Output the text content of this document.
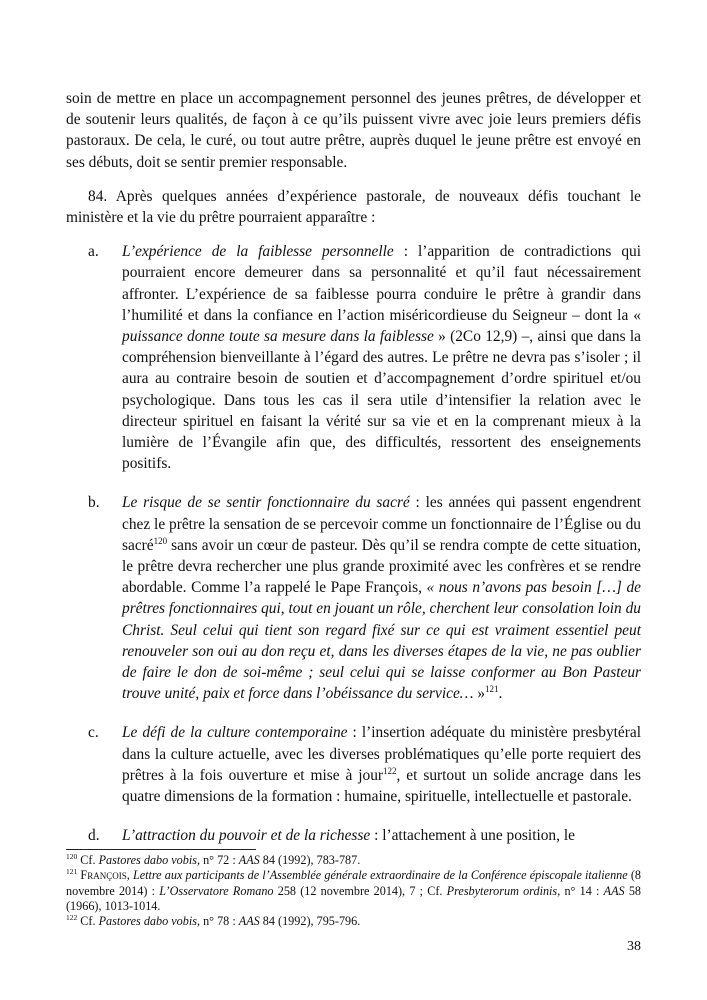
soin de mettre en place un accompagnement personnel des jeunes prêtres, de développer et de soutenir leurs qualités, de façon à ce qu’ils puissent vivre avec joie leurs premiers défis pastoraux. De cela, le curé, ou tout autre prêtre, auprès duquel le jeune prêtre est envoyé en ses débuts, doit se sentir premier responsable.

84. Après quelques années d’expérience pastorale, de nouveaux défis touchant le ministère et la vie du prêtre pourraient apparaître :

a. L’expérience de la faiblesse personnelle : l’apparition de contradictions qui pourraient encore demeurer dans sa personnalité et qu’il faut nécessairement affronter. L’expérience de sa faiblesse pourra conduire le prêtre à grandir dans l’humilité et dans la confiance en l’action miséricordieuse du Seigneur – dont la « puissance donne toute sa mesure dans la faiblesse » (2Co 12,9) –, ainsi que dans la compréhension bienveillante à l’égard des autres. Le prêtre ne devra pas s’isoler ; il aura au contraire besoin de soutien et d’accompagnement d’ordre spirituel et/ou psychologique. Dans tous les cas il sera utile d’intensifier la relation avec le directeur spirituel en faisant la vérité sur sa vie et en la comprenant mieux à la lumière de l’Évangile afin que, des difficultés, ressortent des enseignements positifs.
b. Le risque de se sentir fonctionnaire du sacré : les années qui passent engendrent chez le prêtre la sensation de se percevoir comme un fonctionnaire de l’Église ou du sacré$^{120}$ sans avoir un cœur de pasteur. Dès qu’il se rendra compte de cette situation, le prêtre devra rechercher une plus grande proximité avec les confrères et se rendre abordable. Comme l’a rappelé le Pape François, « nous n’avons pas besoin […] de prêtres fonctionnaires qui, tout en jouant un rôle, cherchent leur consolation loin du Christ. Seul celui qui tient son regard fixé sur ce qui est vraiment essentiel peut renouveler son oui au don reçu et, dans les diverses étapes de la vie, ne pas oublier de faire le don de soi-même ; seul celui qui se laisse conformer au Bon Pasteur trouve unité, paix et force dans l’obéissance du service… »$^{121}$.
c. Le défi de la culture contemporaine : l’insertion adéquate du ministère presbytéral dans la culture actuelle, avec les diverses problématiques qu’elle porte requiert des prêtres à la fois ouverture et mise à jour$^{122}$, et surtout un solide ancrage dans les quatre dimensions de la formation : humaine, spirituelle, intellectuelle et pastorale.
d. L’attraction du pouvoir et de la richesse : l’attachement à une position, le

$^{120}$ Cf. Pastores dabo vobis, n° 72 : AAS 84 (1992), 783-787.

$^{121}$ François, Lettre aux participants de l’Assemblée générale extraordinaire de la Conférence épiscopale italienne (8 novembre 2014) : L’Osservatore Romano 258 (12 novembre 2014), 7 ; Cf. Presbyterorum ordinis, n° 14 : AAS 58 (1966), 1013-1014.

$^{122}$ Cf. Pastores dabo vobis, n° 78 : AAS 84 (1992), 795-796.

38
